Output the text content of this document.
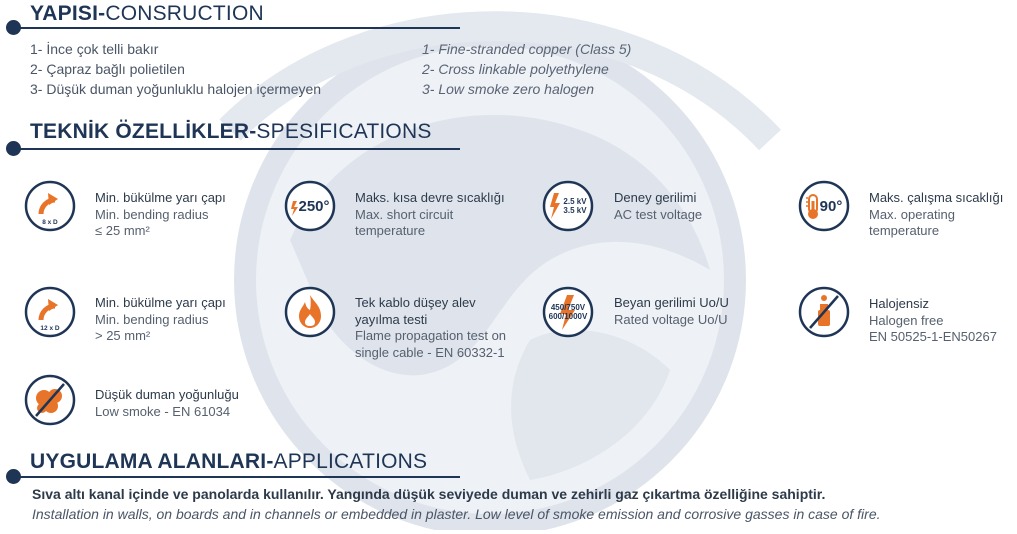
YAPISI-CONSRUCTION
1- İnce çok telli bakır
2- Çapraz bağlı polietilen
3- Düşük duman yoğunluklu halojen içermeyen
1- Fine-stranded copper (Class 5)
2- Cross linkable polyethylene
3- Low smoke zero halogen
TEKNİK ÖZELLİKLER-SPESIFICATIONS
8 x D
Min. bükülme yarı çapı
Min. bending radius
≤ 25 mm²
250°
Maks. kısa devre sıcaklığı
Max. short circuit
temperature
2.5 kV
3.5 kV
Deney gerilimi
AC test voltage	90°
Maks. çalışma sıcaklığı
Max. operating
temperature
12 x D
Min. bükülme yarı çapı
Min. bending radius
> 25 mm²
Tek kablo düşey alev
yayılma testi
Flame propagation test on
single cable - EN 60332-1
450/750V
600/1000V
Beyan gerilimi Uo/U
Rated voltage Uo/U
Halojensiz
Halogen free
EN 50525-1-EN50267
Düşük duman yoğunluğu
Low smoke - EN 61034
UYGULAMA ALANLARI-APPLICATIONS
Sıva altı kanal içinde ve panolarda kullanılır. Yangında düşük seviyede duman ve zehirli gaz çıkartma özelliğine sahiptir.
Installation in walls, on boards and in channels or embedded in plaster. Low level of smoke emission and corrosive gasses in case of fire.
